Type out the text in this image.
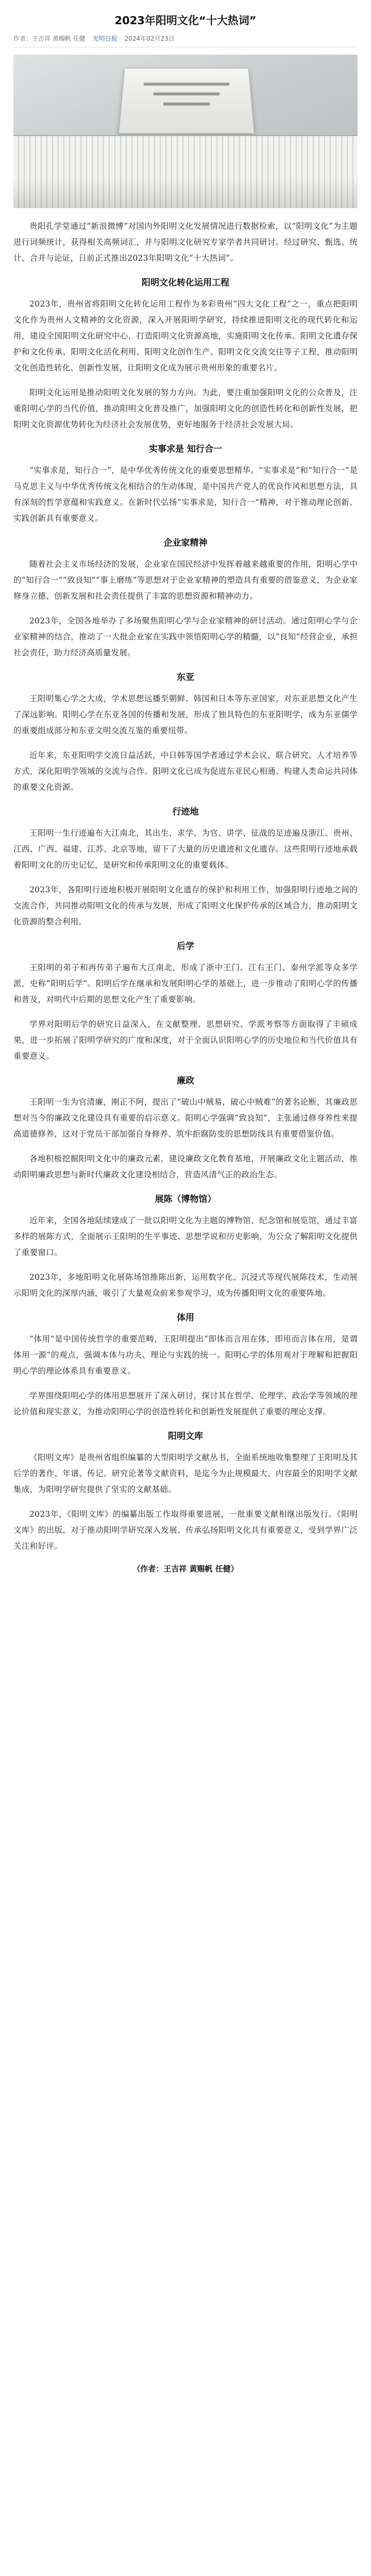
2023年阳明文化“十大热词”
作者：王吉祥 黄赐帆 任健 光明日报 2024年02月23日

贵阳孔学堂通过“新浪微博”对国内外阳明文化发展情况进行数据检索，以“阳明文化”为主题进行词频统计，获得相关高频词汇，并与阳明文化研究专家学者共同研讨。经过研究、甄选、统计、合并与论证，日前正式推出2023年阳明文化“十大热词”。

阳明文化转化运用工程

2023年，贵州省将阳明文化转化运用工程作为多彩贵州“四大文化工程”之一，重点把阳明文化作为贵州人文精神的文化资源，深入开展阳明学研究，持续推进阳明文化的现代转化和运用，建设全国阳明文化研究中心，打造阳明文化资源高地，实施阳明文化传承、阳明文化遗存保护和文化传承、阳明文化活化利用、阳明文化创作生产、阳明文化交流交往等子工程，推动阳明文化创造性转化、创新性发展，让阳明文化成为展示贵州形象的重要名片。

阳明文化运用是推动阳明文化发展的努力方向。为此，要注重加强阳明文化的公众普及，注重阳明心学的当代价值，推动阳明文化普及推广，加强阳明文化的创造性转化和创新性发展，把阳明文化资源优势转化为经济社会发展优势，更好地服务于经济社会发展大局。

实事求是 知行合一

“实事求是，知行合一”，是中华优秀传统文化的重要思想精华。“实事求是”和“知行合一”是马克思主义与中华优秀传统文化相结合的生动体现，是中国共产党人的优良作风和思想方法，具有深刻的哲学意蕴和实践意义。在新时代弘扬“实事求是，知行合一”精神，对于推动理论创新、实践创新具有重要意义。

企业家精神

随着社会主义市场经济的发展，企业家在国民经济中发挥着越来越重要的作用，阳明心学中的“知行合一”“致良知”“事上磨练”等思想对于企业家精神的塑造具有重要的借鉴意义，为企业家修身立德、创新发展和社会责任提供了丰富的思想资源和精神动力。

2023年，全国各地举办了多场聚焦阳明心学与企业家精神的研讨活动。通过阳明心学与企业家精神的结合，推动了一大批企业家在实践中领悟阳明心学的精髓，以“良知”经营企业，承担社会责任，助力经济高质量发展。

东亚

王阳明集心学之大成，学术思想远播至朝鲜、韩国和日本等东亚国家，对东亚思想文化产生了深远影响。阳明心学在东亚各国的传播和发展，形成了独具特色的东亚阳明学，成为东亚儒学的重要组成部分和东亚文明交流互鉴的重要纽带。

近年来，东亚阳明学交流日益活跃，中日韩等国学者通过学术会议、联合研究、人才培养等方式，深化阳明学领域的交流与合作。阳明文化已成为促进东亚民心相通、构建人类命运共同体的重要文化资源。

行迹地

王阳明一生行迹遍布大江南北，其出生、求学、为官、讲学、征战的足迹遍及浙江、贵州、江西、广西、福建、江苏、北京等地，留下了大量的历史遗迹和文化遗存。这些阳明行迹地承载着阳明文化的历史记忆，是研究和传承阳明文化的重要载体。

2023年，各阳明行迹地积极开展阳明文化遗存的保护和利用工作，加强阳明行迹地之间的交流合作，共同推动阳明文化的传承与发展，形成了阳明文化保护传承的区域合力，推动阳明文化资源的整合利用。

后学

王阳明的弟子和再传弟子遍布大江南北，形成了浙中王门、江右王门、泰州学派等众多学派，史称“阳明后学”。阳明后学在继承和发展阳明心学的基础上，进一步推动了阳明心学的传播和普及，对明代中后期的思想文化产生了重要影响。

学界对阳明后学的研究日益深入，在文献整理、思想研究、学派考察等方面取得了丰硕成果，进一步拓展了阳明学研究的广度和深度，对于全面认识阳明心学的历史地位和当代价值具有重要意义。

廉政

王阳明一生为官清廉，刚正不阿，提出了“破山中贼易，破心中贼难”的著名论断，其廉政思想对当今的廉政文化建设具有重要的启示意义。阳明心学强调“致良知”，主张通过修身养性来提高道德修养，这对于党员干部加强自身修养、筑牢拒腐防变的思想防线具有重要借鉴价值。

各地积极挖掘阳明文化中的廉政元素，建设廉政文化教育基地，开展廉政文化主题活动，推动阳明廉政思想与新时代廉政文化建设相结合，营造风清气正的政治生态。

展陈（博物馆）

近年来，全国各地陆续建成了一批以阳明文化为主题的博物馆、纪念馆和展览馆，通过丰富多样的展陈方式，全面展示王阳明的生平事迹、思想学说和历史影响，为公众了解阳明文化提供了重要窗口。

2023年，多地阳明文化展陈场馆推陈出新，运用数字化、沉浸式等现代展陈技术，生动展示阳明文化的深厚内涵，吸引了大量观众前来参观学习，成为传播阳明文化的重要阵地。

体用

“体用”是中国传统哲学的重要范畴，王阳明提出“即体而言用在体，即用而言体在用，是谓体用一源”的观点，强调本体与功夫、理论与实践的统一。阳明心学的体用观对于理解和把握阳明心学的理论体系具有重要意义。

学界围绕阳明心学的体用思想展开了深入研讨，探讨其在哲学、伦理学、政治学等领域的理论价值和现实意义，为推动阳明心学的创造性转化和创新性发展提供了重要的理论支撑。

阳明文库

《阳明文库》是贵州省组织编纂的大型阳明学文献丛书，全面系统地收集整理了王阳明及其后学的著作、年谱、传记、研究论著等文献资料，是迄今为止规模最大、内容最全的阳明学文献集成，为阳明学研究提供了坚实的文献基础。

2023年，《阳明文库》的编纂出版工作取得重要进展，一批重要文献相继出版发行。《阳明文库》的出版，对于推动阳明学研究深入发展、传承弘扬阳明文化具有重要意义，受到学界广泛关注和好评。

（作者：王吉祥 黄赐帆 任健）
